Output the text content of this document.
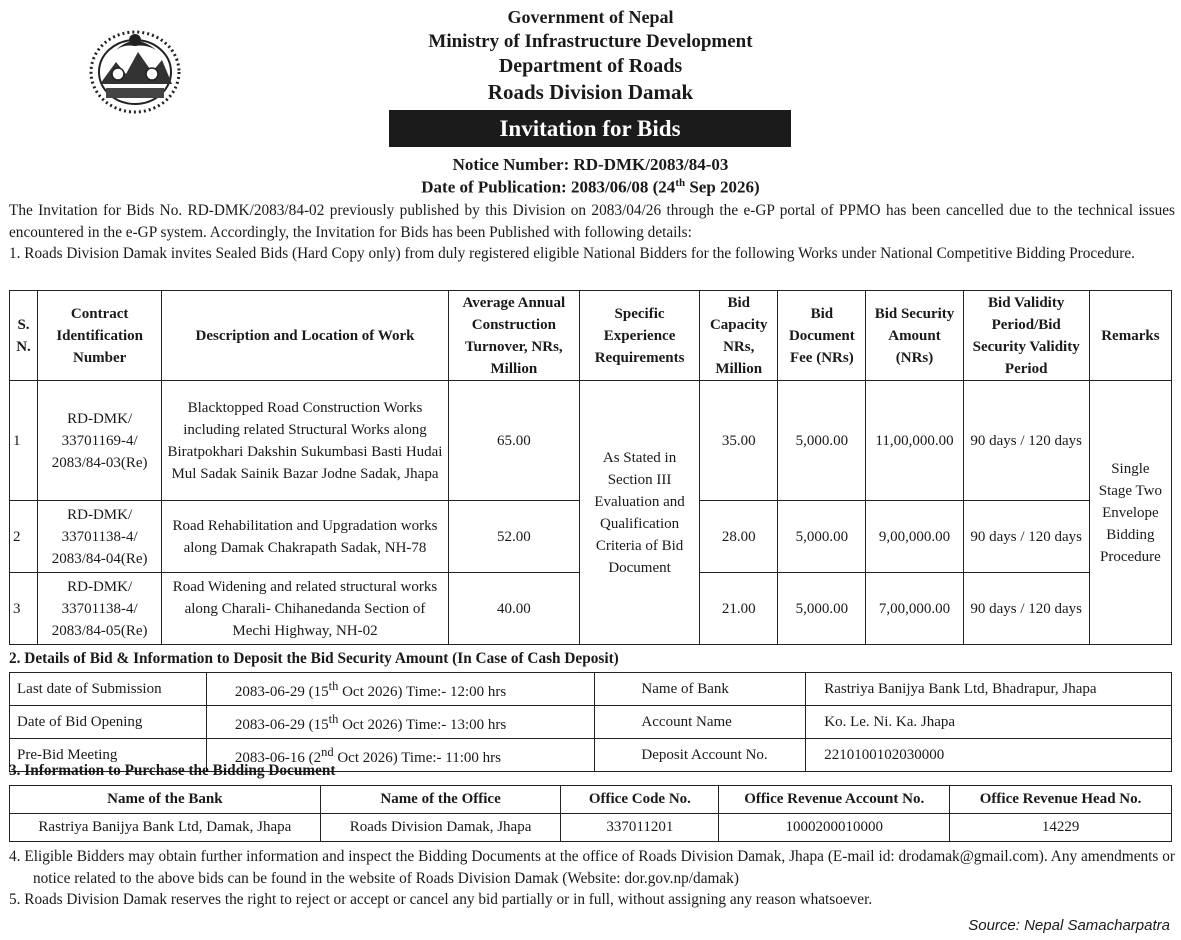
Government of Nepal
Ministry of Infrastructure Development
Department of Roads
Roads Division Damak
Invitation for Bids
Notice Number: RD-DMK/2083/84-03
Date of Publication: 2083/06/08 (24th Sep 2026)
The Invitation for Bids No. RD-DMK/2083/84-02 previously published by this Division on 2083/04/26 through the e-GP portal of PPMO has been cancelled due to the technical issues encountered in the e-GP system. Accordingly, the Invitation for Bids has been Published with following details:
1. Roads Division Damak invites Sealed Bids (Hard Copy only) from duly registered eligible National Bidders for the following Works under National Competitive Bidding Procedure.
S. N.	Contract Identification Number	Description and Location of Work	Average Annual Construction Turnover, NRs, Million	Specific Experience Requirements	Bid Capacity NRs, Million	Bid Document Fee (NRs)	Bid Security Amount (NRs)	Bid Validity Period/Bid Security Validity Period	Remarks
1	RD-DMK/ 33701169-4/ 2083/84-03(Re)	Blacktopped Road Construction Works including related Structural Works along Biratpokhari Dakshin Sukumbasi Basti Hudai Mul Sadak Sainik Bazar Jodne Sadak, Jhapa	65.00	As Stated in Section III Evaluation and Qualification Criteria of Bid Document	35.00	5,000.00	11,00,000.00	90 days / 120 days	Single Stage Two Envelope Bidding Procedure
2	RD-DMK/ 33701138-4/ 2083/84-04(Re)	Road Rehabilitation and Upgradation works along Damak Chakrapath Sadak, NH-78	52.00		28.00	5,000.00	9,00,000.00	90 days / 120 days	
3	RD-DMK/ 33701138-4/ 2083/84-05(Re)	Road Widening and related structural works along Charali- Chihanedanda Section of Mechi Highway, NH-02	40.00		21.00	5,000.00	7,00,000.00	90 days / 120 days	
2. Details of Bid & Information to Deposit the Bid Security Amount (In Case of Cash Deposit)
Last date of Submission	2083-06-29 (15th Oct 2026) Time:- 12:00 hrs	Name of Bank	Rastriya Banijya Bank Ltd, Bhadrapur, Jhapa
Date of Bid Opening	2083-06-29 (15th Oct 2026) Time:- 13:00 hrs	Account Name	Ko. Le. Ni. Ka. Jhapa
Pre-Bid Meeting	2083-06-16 (2nd Oct 2026) Time:- 11:00 hrs	Deposit Account No.	2210100102030000
3. Information to Purchase the Bidding Document
Name of the Bank	Name of the Office	Office Code No.	Office Revenue Account No.	Office Revenue Head No.
Rastriya Banijya Bank Ltd, Damak, Jhapa	Roads Division Damak, Jhapa	337011201	1000200010000	14229
4. Eligible Bidders may obtain further information and inspect the Bidding Documents at the office of Roads Division Damak, Jhapa (E-mail id: drodamak@gmail.com). Any amendments or notice related to the above bids can be found in the website of Roads Division Damak (Website: dor.gov.np/damak)
5. Roads Division Damak reserves the right to reject or accept or cancel any bid partially or in full, without assigning any reason whatsoever.
Source: Nepal Samacharpatra
